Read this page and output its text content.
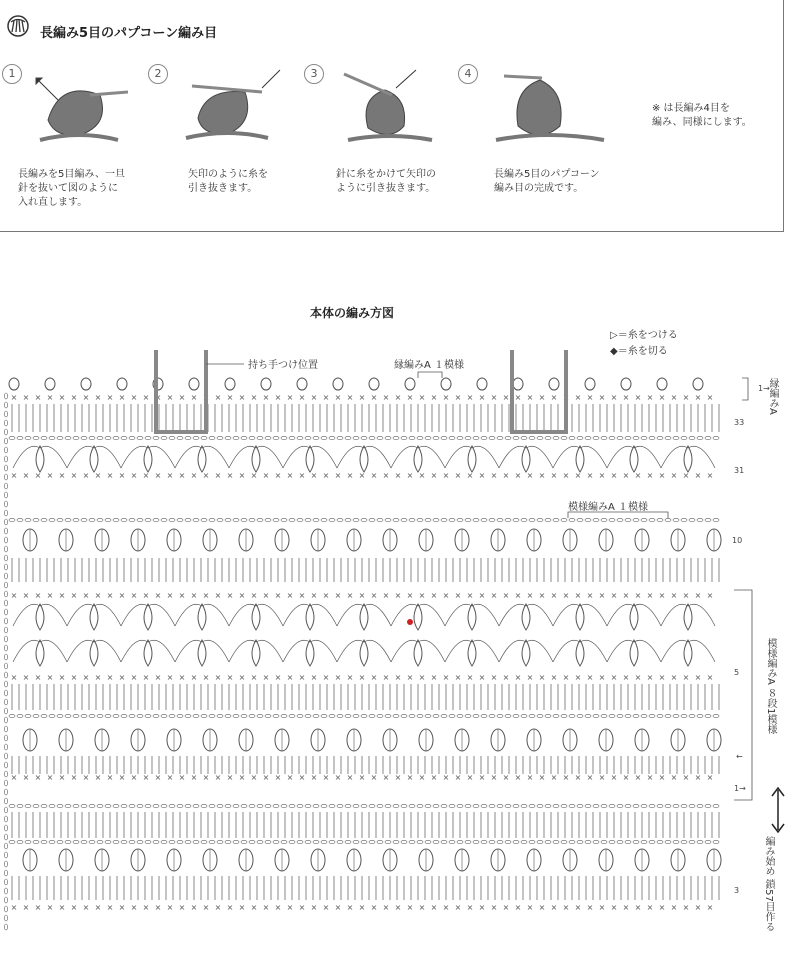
長編み5目のパプコーン編み目
1	2	3	4
長編みを5目編み、一旦
針を抜いて図のように
入れ直します。
矢印のように糸を
引き抜きます。
針に糸をかけて矢印の
ように引き抜きます。
長編み5目のパプコーン
編み目の完成です。
※ は長編み4目を
編み、同様にします。
本体の編み方図
▷＝糸をつける
◆＝糸を切る
持ち手つけ位置	縁編みA １模様
模様編みA １模様
33
31
10
5
3
←
1→
1→
縁編みA
模様編みA ８段1模様
編み始め 鎖57目作る
× × × × × × × × × × × × × × × × × × × × × × × × × × × × × × × × × × × × × × × × × × × × × × × × × × × × × × × × × × ×
× × × × × × × × × × × × × × × × × × × × × × × × × × × × × × × × × × × × × × × × × × × × × × × × × × × × × × × × × × ×
× × × × × × × × × × × × × × × × × × × × × × × × × × × × × × × × × × × × × × × × × × × × × × × × × × × × × × × × × × ×
× × × × × × × × × × × × × × × × × × × × × × × × × × × × × × × × × × × × × × × × × × × × × × × × × × × × × × × × × × ×
× × × × × × × × × × × × × × × × × × × × × × × × × × × × × × × × × × × × × × × × × × × × × × × × × × × × × × × × × × ×
× × × × × × × × × × × × × × × × × × × × × × × × × × × × × × × × × × × × × × × × × × × × × × × × × × × × × × × × × × ×
